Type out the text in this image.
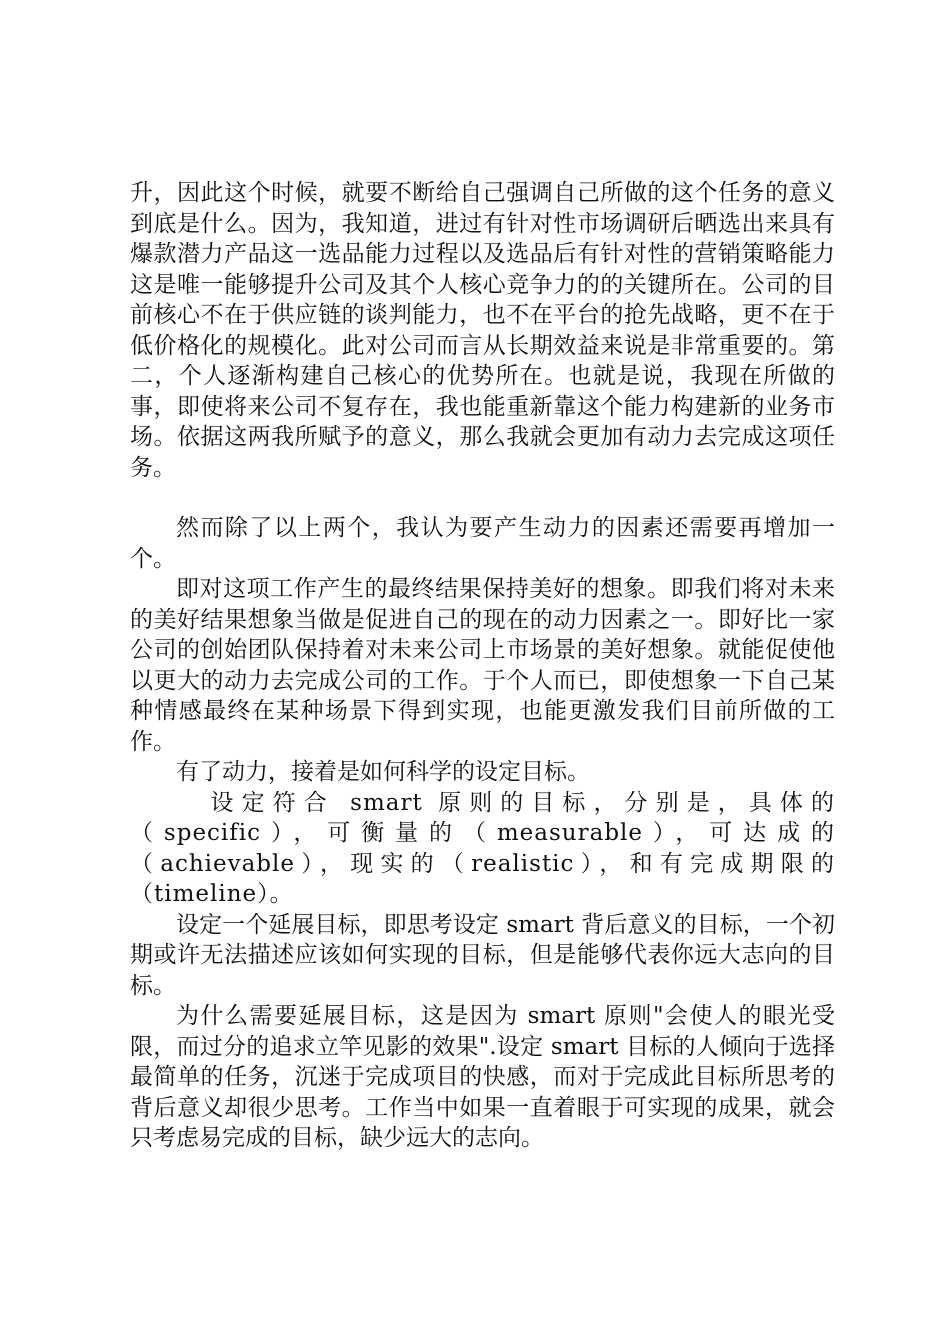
升，因此这个时候，就要不断给自己强调自己所做的这个任务的意义到底是什么。因为，我知道，进过有针对性市场调研后晒选出来具有爆款潜力产品这一选品能力过程以及选品后有针对性的营销策略能力这是唯一能够提升公司及其个人核心竞争力的的关键所在。公司的目前核心不在于供应链的谈判能力，也不在平台的抢先战略，更不在于低价格化的规模化。此对公司而言从长期效益来说是非常重要的。第二，个人逐渐构建自己核心的优势所在。也就是说，我现在所做的事，即使将来公司不复存在，我也能重新靠这个能力构建新的业务市场。依据这两我所赋予的意义，那么我就会更加有动力去完成这项任务。

然而除了以上两个，我认为要产生动力的因素还需要再增加一个。

即对这项工作产生的最终结果保持美好的想象。即我们将对未来的美好结果想象当做是促进自己的现在的动力因素之一。即好比一家公司的创始团队保持着对未来公司上市场景的美好想象。就能促使他以更大的动力去完成公司的工作。于个人而已，即使想象一下自己某种情感最终在某种场景下得到实现，也能更激发我们目前所做的工作。

有了动力，接着是如何科学的设定目标。

设定符合 smart 原则的目标，分别是，具体的（specific），可衡量的（measurable），可达成的（achievable），现实的（realistic），和有完成期限的（timeline）。

设定一个延展目标，即思考设定 smart 背后意义的目标，一个初期或许无法描述应该如何实现的目标，但是能够代表你远大志向的目标。

为什么需要延展目标，这是因为 smart 原则"会使人的眼光受限，而过分的追求立竿见影的效果".设定 smart 目标的人倾向于选择最简单的任务，沉迷于完成项目的快感，而对于完成此目标所思考的背后意义却很少思考。工作当中如果一直着眼于可实现的成果，就会只考虑易完成的目标，缺少远大的志向。
